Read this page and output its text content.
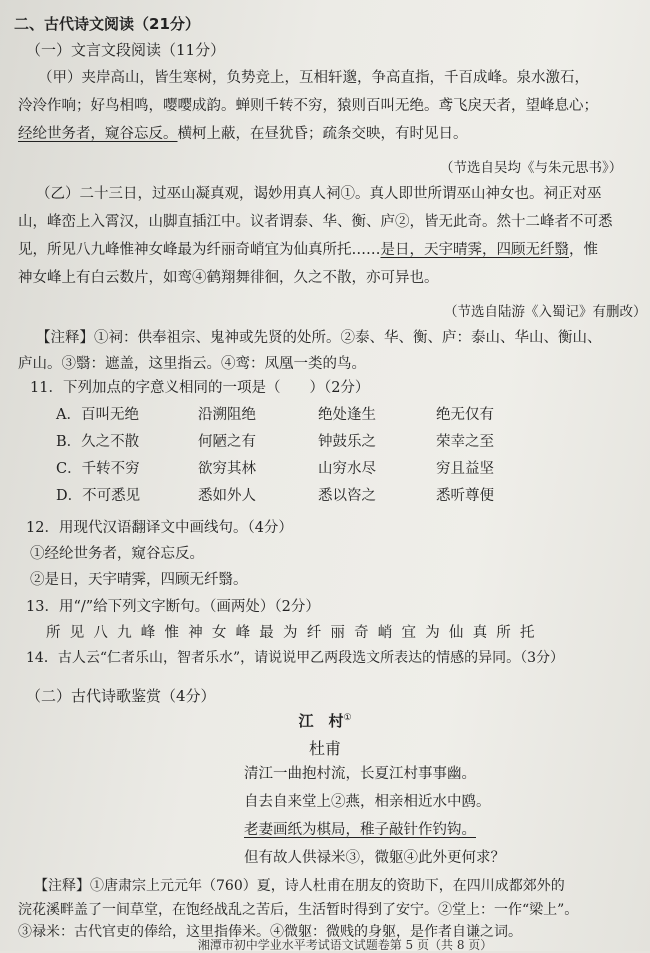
二、古代诗文阅读（21分）
（一）文言文段阅读（11分）
（甲）夹岸高山，皆生寒树，负势竞上，互相轩邈，争高直指，千百成峰。泉水激石，
泠泠作响；好鸟相鸣，嘤嘤成韵。蝉则千转不穷，猿则百叫无绝。鸢飞戾天者，望峰息心；
经纶世务者，窥谷忘反。横柯上蔽，在昼犹昏；疏条交映，有时见日。
（节选自吴均《与朱元思书》）
（乙）二十三日，过巫山凝真观，谒妙用真人祠①。真人即世所谓巫山神女也。祠正对巫
山，峰峦上入霄汉，山脚直插江中。议者谓泰、华、衡、庐②，皆无此奇。然十二峰者不可悉
见，所见八九峰惟神女峰最为纤丽奇峭宜为仙真所托……是日，天宇晴霁，四顾无纤翳，惟
神女峰上有白云数片，如鸾④鹤翔舞徘徊，久之不散，亦可异也。
（节选自陆游《入蜀记》有删改）
【注释】①祠：供奉祖宗、鬼神或先贤的处所。②泰、华、衡、庐：泰山、华山、衡山、
庐山。③翳：遮盖，这里指云。④鸾：凤凰一类的鸟。
11．下列加点的字意义相同的一项是（　　）（2分）
A．百叫无绝	沿溯阻绝	绝处逢生	绝无仅有
B．久之不散	何陋之有	钟鼓乐之	荣幸之至
C．千转不穷	欲穷其林	山穷水尽	穷且益坚
D．不可悉见	悉如外人	悉以咨之	悉听尊便
12．用现代汉语翻译文中画线句。（4分）
①经纶世务者，窥谷忘反。
②是日，天宇晴霁，四顾无纤翳。
13．用“/”给下列文字断句。（画两处）（2分）
所见八九峰惟神女峰最为纤丽奇峭宜为仙真所托
14．古人云“仁者乐山，智者乐水”，请说说甲乙两段选文所表达的情感的异同。（3分）
（二）古代诗歌鉴赏（4分）
江　村①
杜甫
清江一曲抱村流，长夏江村事事幽。
自去自来堂上②燕，相亲相近水中鸥。
老妻画纸为棋局，稚子敲针作钓钩。
但有故人供禄米③，微躯④此外更何求？
【注释】①唐肃宗上元元年（760）夏，诗人杜甫在朋友的资助下，在四川成都郊外的
浣花溪畔盖了一间草堂，在饱经战乱之苦后，生活暂时得到了安宁。②堂上：一作“梁上”。
③禄米：古代官吏的俸给，这里指俸米。④微躯：微贱的身躯，是作者自谦之词。
湘潭市初中学业水平考试语文试题卷第 5 页（共 8 页）
